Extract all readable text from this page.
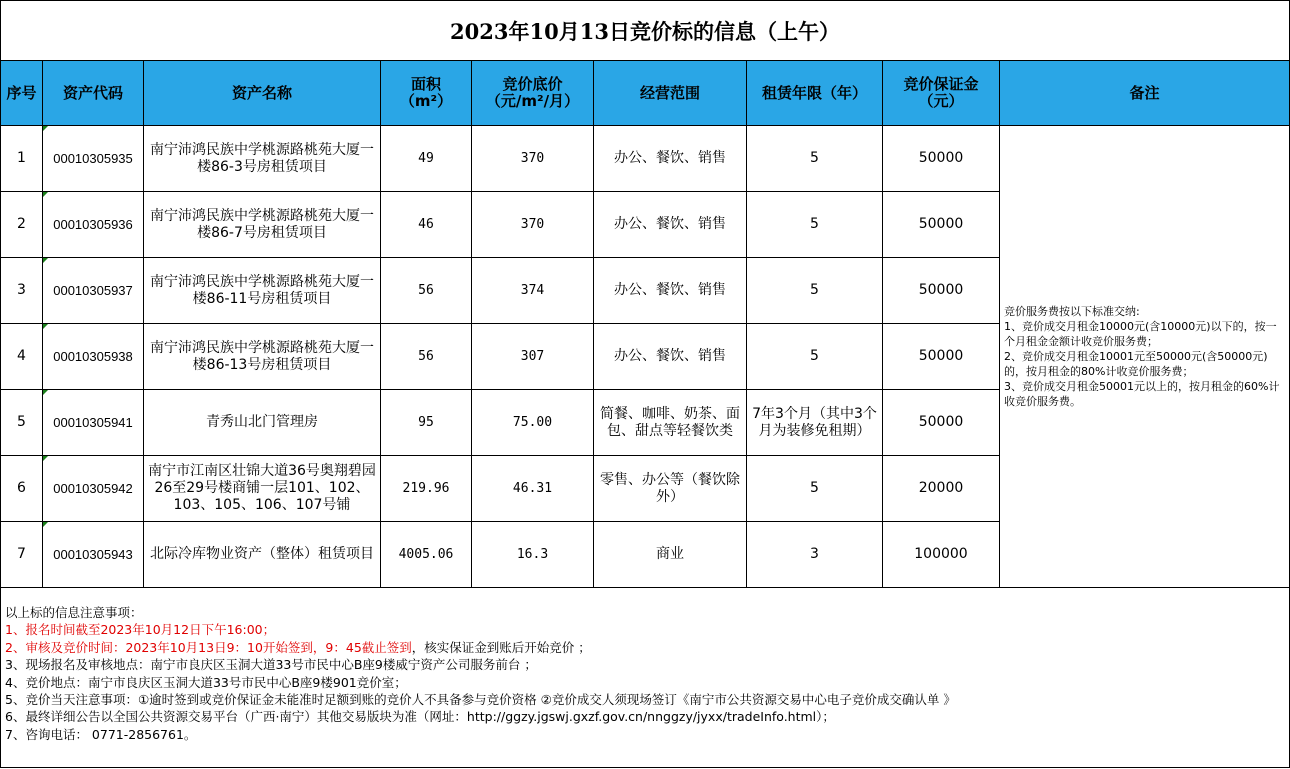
2023年10月13日竞价标的信息（上午）
序号	资产代码	资产名称	面积
（m²）	竞价底价
（元/m²/月）	经营范围	租赁年限（年）	竞价保证金
（元）	备注
1	00010305935	南宁沛鸿民族中学桃源路桃苑大厦一楼86-3号房租赁项目	49	370	办公、餐饮、销售	5	50000	竞价服务费按以下标准交纳:
1、竞价成交月租金10000元(含10000元)以下的，按一个月租金金额计收竞价服务费；
2、竞价成交月租金10001元至50000元(含50000元)的，按月租金的80%计收竞价服务费；
3、竞价成交月租金50001元以上的，按月租金的60%计收竞价服务费。

2	00010305936	南宁沛鸿民族中学桃源路桃苑大厦一楼86-7号房租赁项目	46	370	办公、餐饮、销售	5	50000	
3	00010305937	南宁沛鸿民族中学桃源路桃苑大厦一楼86-11号房租赁项目	56	374	办公、餐饮、销售	5	50000	
4	00010305938	南宁沛鸿民族中学桃源路桃苑大厦一楼86-13号房租赁项目	56	307	办公、餐饮、销售	5	50000	
5	00010305941	青秀山北门管理房	95	75.00	简餐、咖啡、奶茶、面包、甜点等轻餐饮类	7年3个月（其中3个月为装修免租期）	50000	
6	00010305942	南宁市江南区壮锦大道36号奥翔碧园26至29号楼商铺一层101、102、103、105、106、107号铺	219.96	46.31	零售、办公等（餐饮除外）	5	20000	
7	00010305943	北际冷库物业资产（整体）租赁项目	4005.06	16.3	商业	3	100000	
以上标的信息注意事项：
1、报名时间截至2023年10月12日下午16:00；
2、审核及竞价时间：2023年10月13日9：10开始签到，9：45截止签到，核实保证金到账后开始竞价 ；
3、现场报名及审核地点：南宁市良庆区玉洞大道33号市民中心B座9楼威宁资产公司服务前台 ；
4、竞价地点：南宁市良庆区玉洞大道33号市民中心B座9楼901竞价室；
5、竞价当天注意事项：①逾时签到或竞价保证金未能准时足额到账的竞价人不具备参与竞价资格 ②竞价成交人须现场签订《南宁市公共资源交易中心电子竞价成交确认单 》
6、最终详细公告以全国公共资源交易平台（广西·南宁）其他交易版块为准（网址：http://ggzy.jgswj.gxzf.gov.cn/nnggzy/jyxx/tradeInfo.html）；
7、咨询电话： 0771-2856761。
